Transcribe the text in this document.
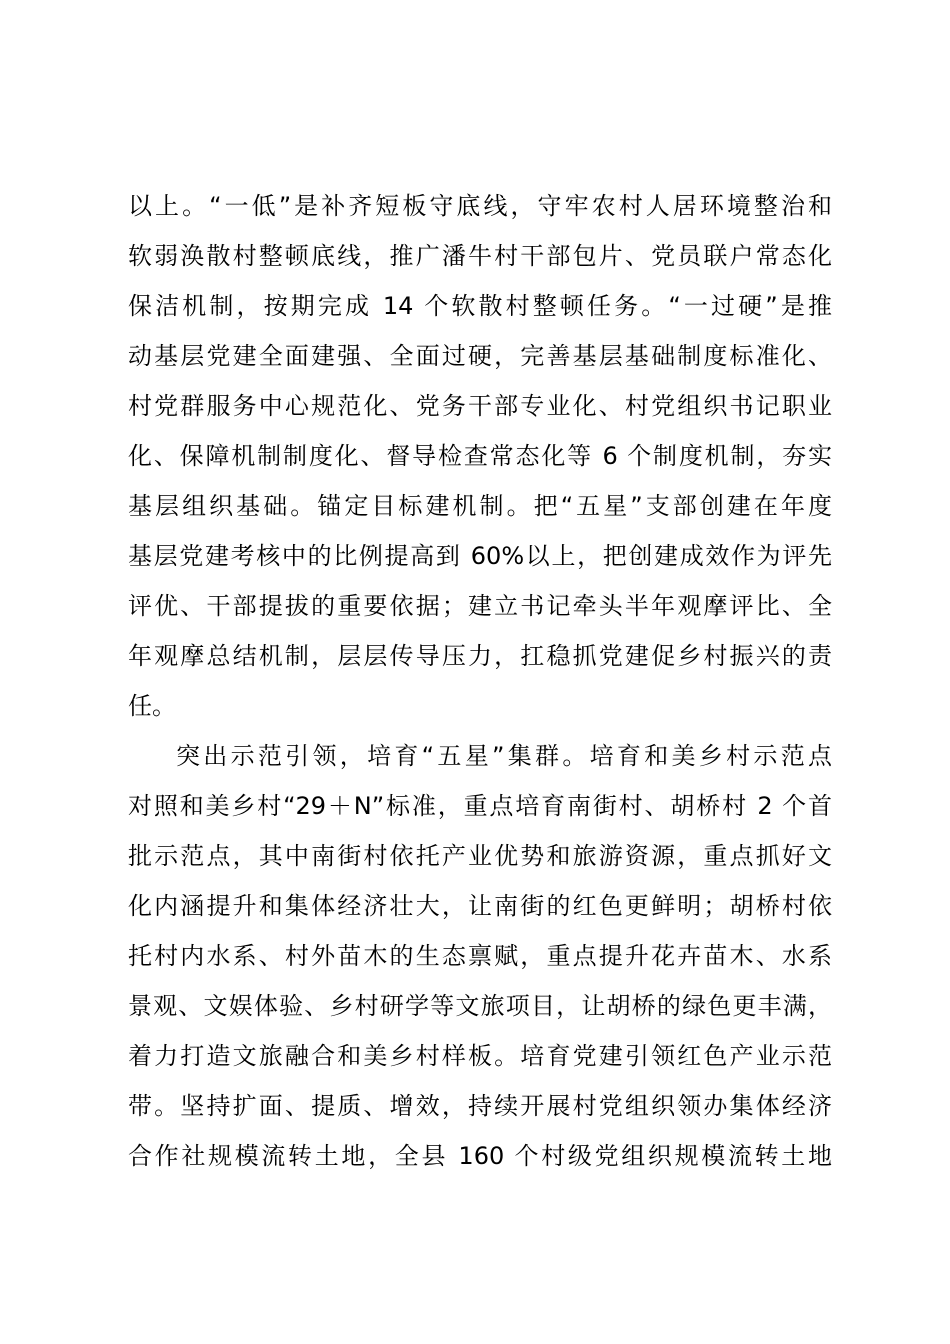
以上。“一低”是补齐短板守底线，守牢农村人居环境整治和
软弱涣散村整顿底线，推广潘牛村干部包片、党员联户常态化
保洁机制，按期完成 14 个软散村整顿任务。“一过硬”是推
动基层党建全面建强、全面过硬，完善基层基础制度标准化、
村党群服务中心规范化、党务干部专业化、村党组织书记职业
化、保障机制制度化、督导检查常态化等 6 个制度机制，夯实
基层组织基础。锚定目标建机制。把“五星”支部创建在年度
基层党建考核中的比例提高到 60%以上，把创建成效作为评先
评优、干部提拔的重要依据；建立书记牵头半年观摩评比、全
年观摩总结机制，层层传导压力，扛稳抓党建促乡村振兴的责
任。
突出示范引领，培育“五星”集群。培育和美乡村示范点
对照和美乡村“29＋N”标准，重点培育南街村、胡桥村 2 个首
批示范点，其中南街村依托产业优势和旅游资源，重点抓好文
化内涵提升和集体经济壮大，让南街的红色更鲜明；胡桥村依
托村内水系、村外苗木的生态禀赋，重点提升花卉苗木、水系
景观、文娱体验、乡村研学等文旅项目，让胡桥的绿色更丰满，
着力打造文旅融合和美乡村样板。培育党建引领红色产业示范
带。坚持扩面、提质、增效，持续开展村党组织领办集体经济
合作社规模流转土地，全县 160 个村级党组织规模流转土地
